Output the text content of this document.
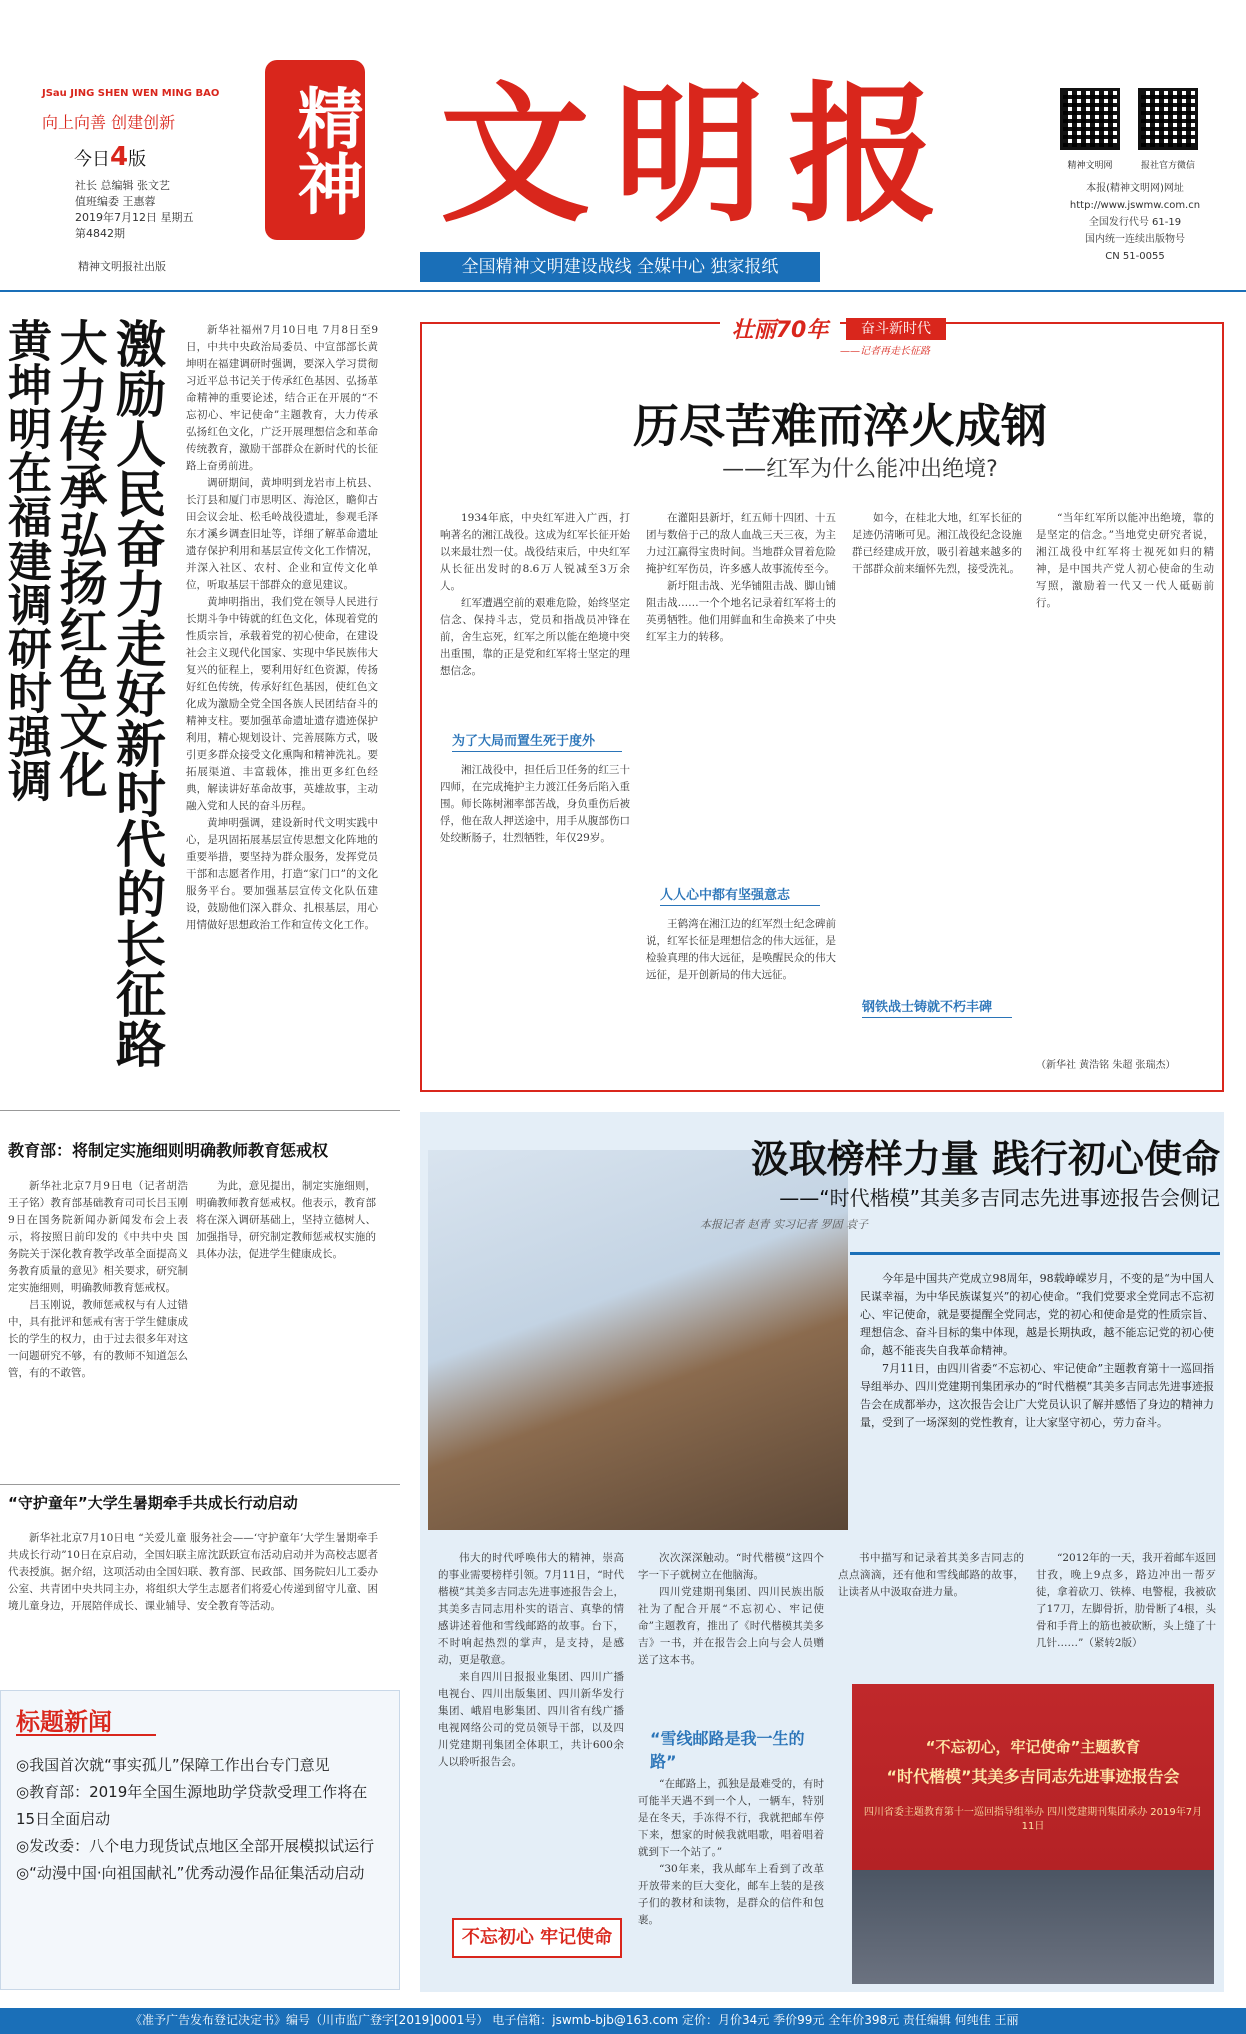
JSau JING SHEN WEN MING BAO
向上向善 创建创新
今日4版
社长 总编辑 张文艺
值班编委 王惠蓉
2019年7月12日 星期五
第4842期
精神文明报社出版
精神 文明报	精神文明网	报社官方微信
本报(精神文明网)网址
http://www.jswmw.com.cn
全国发行代号 61-19
国内统一连续出版物号
CN 51-0055
全国精神文明建设战线 全媒中心 独家报纸
黄坤明在福建调研时强调 大力传承弘扬红色文化 激励人民奋力走好新时代的长征路	新华社福州7月10日电 7月8日至9日，中共中央政治局委员、中宣部部长黄坤明在福建调研时强调，要深入学习贯彻习近平总书记关于传承红色基因、弘扬革命精神的重要论述，结合正在开展的“不忘初心、牢记使命”主题教育，大力传承弘扬红色文化，广泛开展理想信念和革命传统教育，激励干部群众在新时代的长征路上奋勇前进。

调研期间，黄坤明到龙岩市上杭县、长汀县和厦门市思明区、海沧区，瞻仰古田会议会址、松毛岭战役遗址，参观毛泽东才溪乡调查旧址等，详细了解革命遗址遗存保护利用和基层宣传文化工作情况，并深入社区、农村、企业和宣传文化单位，听取基层干部群众的意见建议。

黄坤明指出，我们党在领导人民进行长期斗争中铸就的红色文化，体现着党的性质宗旨，承载着党的初心使命，在建设社会主义现代化国家、实现中华民族伟大复兴的征程上，要利用好红色资源，传扬好红色传统，传承好红色基因，使红色文化成为激励全党全国各族人民团结奋斗的精神支柱。要加强革命遗址遗存遗迹保护利用，精心规划设计、完善展陈方式，吸引更多群众接受文化熏陶和精神洗礼。要拓展渠道、丰富载体，推出更多红色经典，解读讲好革命故事，英雄故事，主动融入党和人民的奋斗历程。

黄坤明强调，建设新时代文明实践中心，是巩固拓展基层宣传思想文化阵地的重要举措，要坚持为群众服务，发挥党员干部和志愿者作用，打造“家门口”的文化服务平台。要加强基层宣传文化队伍建设，鼓励他们深入群众、扎根基层，用心用情做好思想政治工作和宣传文化工作。

壮丽70年	奋斗新时代
——记者再走长征路
历尽苦难而淬火成钢
——红军为什么能冲出绝境?

1934年底，中央红军进入广西，打响著名的湘江战役。这成为红军长征开始以来最壮烈一仗。战役结束后，中央红军从长征出发时的8.6万人锐减至3万余人。

红军遭遇空前的艰难危险，始终坚定信念、保持斗志，党员和指战员冲锋在前，舍生忘死，红军之所以能在绝境中突出重围，靠的正是党和红军将士坚定的理想信念。

为了大局而置生死于度外

湘江战役中，担任后卫任务的红三十四师，在完成掩护主力渡江任务后陷入重围。师长陈树湘率部苦战，身负重伤后被俘，他在敌人押送途中，用手从腹部伤口处绞断肠子，壮烈牺牲，年仅29岁。

在灌阳县新圩，红五师十四团、十五团与数倍于己的敌人血战三天三夜，为主力过江赢得宝贵时间。当地群众冒着危险掩护红军伤员，许多感人故事流传至今。

新圩阻击战、光华铺阻击战、脚山铺阻击战……一个个地名记录着红军将士的英勇牺牲。他们用鲜血和生命换来了中央红军主力的转移。

人人心中都有坚强意志

王鹤湾在湘江边的红军烈士纪念碑前说，红军长征是理想信念的伟大远征，是检验真理的伟大远征，是唤醒民众的伟大远征，是开创新局的伟大远征。

如今，在桂北大地，红军长征的足迹仍清晰可见。湘江战役纪念设施群已经建成开放，吸引着越来越多的干部群众前来缅怀先烈，接受洗礼。

钢铁战士铸就不朽丰碑

“当年红军所以能冲出绝境，靠的是坚定的信念。”当地党史研究者说，湘江战役中红军将士视死如归的精神，是中国共产党人初心使命的生动写照，激励着一代又一代人砥砺前行。

（新华社 黄浩铭 朱超 张瑞杰）
教育部：将制定实施细则明确教师教育惩戒权

新华社北京7月9日电（记者胡浩 王子铭）教育部基础教育司司长吕玉刚9日在国务院新闻办新闻发布会上表示，将按照日前印发的《中共中央 国务院关于深化教育教学改革全面提高义务教育质量的意见》相关要求，研究制定实施细则，明确教师教育惩戒权。

吕玉刚说，教师惩戒权与有人过错中，具有批评和惩戒有害于学生健康成长的学生的权力，由于过去很多年对这一问题研究不够，有的教师不知道怎么管，有的不敢管。

为此，意见提出，制定实施细则，明确教师教育惩戒权。他表示，教育部将在深入调研基础上，坚持立德树人、加强指导，研究制定教师惩戒权实施的具体办法，促进学生健康成长。

“守护童年”大学生暑期牵手共成长行动启动

新华社北京7月10日电 “关爱儿童 服务社会——‘守护童年’大学生暑期牵手共成长行动”10日在京启动，全国妇联主席沈跃跃宣布活动启动并为高校志愿者代表授旗。据介绍，这项活动由全国妇联、教育部、民政部、国务院妇儿工委办公室、共青团中央共同主办，将组织大学生志愿者们将爱心传递到留守儿童、困境儿童身边，开展陪伴成长、课业辅导、安全教育等活动。

标题新闻
◎我国首次就“事实孤儿”保障工作出台专门意见
◎教育部：2019年全国生源地助学贷款受理工作将在15日全面启动
◎发改委：八个电力现货试点地区全部开展模拟试运行
◎“动漫中国·向祖国献礼”优秀动漫作品征集活动启动
汲取榜样力量 践行初心使命
——“时代楷模”其美多吉同志先进事迹报告会侧记
本报记者 赵青 实习记者 罗固 袁子

今年是中国共产党成立98周年，98载峥嵘岁月，不变的是“为中国人民谋幸福，为中华民族谋复兴”的初心使命。“我们党要求全党同志不忘初心、牢记使命，就是要提醒全党同志，党的初心和使命是党的性质宗旨、理想信念、奋斗目标的集中体现，越是长期执政，越不能忘记党的初心使命，越不能丧失自我革命精神。

7月11日，由四川省委“不忘初心、牢记使命”主题教育第十一巡回指导组举办、四川党建期刊集团承办的“时代楷模”其美多吉同志先进事迹报告会在成都举办，这次报告会让广大党员认识了解并感悟了身边的精神力量，受到了一场深刻的党性教育，让大家坚守初心，劳力奋斗。

伟大的时代呼唤伟大的精神，崇高的事业需要榜样引领。7月11日，“时代楷模”其美多吉同志先进事迹报告会上，其美多吉同志用朴实的语言、真挚的情感讲述着他和雪线邮路的故事。台下，不时响起热烈的掌声，是支持，是感动，更是敬意。

来自四川日报报业集团、四川广播电视台、四川出版集团、四川新华发行集团、峨眉电影集团、四川省有线广播电视网络公司的党员领导干部，以及四川党建期刊集团全体职工，共计600余人以聆听报告会。

不忘初心 牢记使命

次次深深触动。“时代楷模”这四个字一下子就树立在他脑海。

四川党建期刊集团、四川民族出版社为了配合开展“不忘初心、牢记使命”主题教育，推出了《时代楷模其美多吉》一书，并在报告会上向与会人员赠送了这本书。

“雪线邮路是我一生的路”

“在邮路上，孤独是最难受的，有时可能半天遇不到一个人，一辆车，特别是在冬天，手冻得不行，我就把邮车停下来，想家的时候我就唱歌，唱着唱着就到下一个站了。”

“30年来，我从邮车上看到了改革开放带来的巨大变化，邮车上装的是孩子们的教材和读物，是群众的信件和包裹。

书中描写和记录着其美多吉同志的点点滴滴，还有他和雪线邮路的故事，让读者从中汲取奋进力量。

“2012年的一天，我开着邮车返回甘孜，晚上9点多，路边冲出一帮歹徒，拿着砍刀、铁棒、电警棍，我被砍了17刀，左脚骨折，肋骨断了4根，头骨和手背上的筋也被砍断，头上缝了十几针……”（紧转2版）

“不忘初心，牢记使命”主题教育
“时代楷模”其美多吉同志先进事迹报告会
四川省委主题教育第十一巡回指导组举办 四川党建期刊集团承办 2019年7月11日
《准予广告发布登记决定书》编号（川市监广登字[2019]0001号） 电子信箱：jswmb-bjb@163.com 定价：月价34元 季价99元 全年价398元 责任编辑 何纯佳 王丽
